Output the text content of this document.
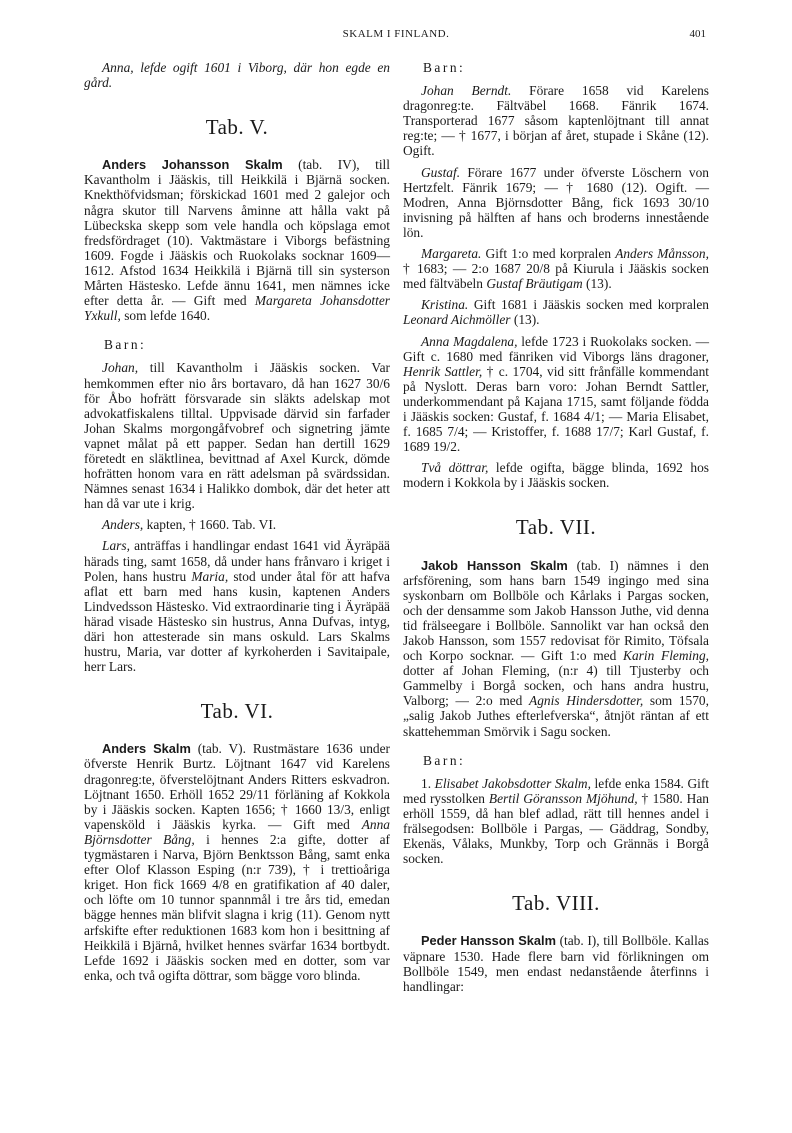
SKALM I FINLAND.	401

Anna, lefde ogift 1601 i Viborg, där hon egde en gård.

Tab. V.

Anders Johansson Skalm (tab. IV), till Kavantholm i Jääskis, till Heikkilä i Bjärnä socken. Knekthöfvidsman; förskickad 1601 med 2 galejor och några skutor till Narvens åminne att hålla vakt på Lübeckska skepp som vele handla och köpslaga emot fredsfördraget (10). Vaktmästare i Viborgs befästning 1609. Fogde i Jääskis och Ruokolaks socknar 1609—1612. Afstod 1634 Heikkilä i Bjärnä till sin systerson Mårten Hästesko. Lefde ännu 1641, men nämnes icke efter detta år. — Gift med Margareta Johansdotter Yxkull, som lefde 1640.

Barn:

Johan, till Kavantholm i Jääskis socken. Var hemkommen efter nio års bortavaro, då han 1627 30/6 för Åbo hofrätt försvarade sin släkts adelskap mot advokatfiskalens tilltal. Uppvisade därvid sin farfader Johan Skalms morgongåfvobref och signetring jämte vapnet målat på ett papper. Sedan han dertill 1629 företedt en släktlinea, bevittnad af Axel Kurck, dömde hofrätten honom vara en rätt adelsman på svärdssidan. Nämnes senast 1634 i Halikko dombok, där det heter att han då var ute i krig.

Anders, kapten, † 1660. Tab. VI.

Lars, anträffas i handlingar endast 1641 vid Äyräpää härads ting, samt 1658, då under hans frånvaro i kriget i Polen, hans hustru Maria, stod under åtal för att hafva aflat ett barn med hans kusin, kaptenen Anders Lindvedsson Hästesko. Vid extraordinarie ting i Äyräpää härad visade Hästesko sin hustrus, Anna Dufvas, intyg, däri hon attesterade sin mans oskuld. Lars Skalms hustru, Maria, var dotter af kyrkoherden i Savitaipale, herr Lars.

Tab. VI.

Anders Skalm (tab. V). Rustmästare 1636 under öfverste Henrik Burtz. Löjtnant 1647 vid Karelens dragonreg:te, öfverstelöjtnant Anders Ritters eskvadron. Löjtnant 1650. Erhöll 1652 29/11 förläning af Kokkola by i Jääskis socken. Kapten 1656; † 1660 13/3, enligt vapensköld i Jääskis kyrka. — Gift med Anna Björnsdotter Bång, i hennes 2:a gifte, dotter af tygmästaren i Narva, Björn Benktsson Bång, samt enka efter Olof Klasson Esping (n:r 739), † i trettioåriga kriget. Hon fick 1669 4/8 en gratifikation af 40 daler, och löfte om 10 tunnor spannmål i tre års tid, emedan bägge hennes män blifvit slagna i krig (11). Genom nytt arfskifte efter reduktionen 1683 kom hon i besittning af Heikkilä i Bjärnå, hvilket hennes svärfar 1634 bortbydt. Lefde 1692 i Jääskis socken med en dotter, som var enka, och två ogifta döttrar, som bägge voro blinda.

Barn:

Johan Berndt. Förare 1658 vid Karelens dragonreg:te. Fältväbel 1668. Fänrik 1674. Transporterad 1677 såsom kaptenlöjtnant till annat reg:te; — † 1677, i början af året, stupade i Skåne (12). Ogift.

Gustaf. Förare 1677 under öfverste Löschern von Hertzfelt. Fänrik 1679; — † 1680 (12). Ogift. — Modren, Anna Björnsdotter Bång, fick 1693 30/10 invisning på hälften af hans och broderns innestående lön.

Margareta. Gift 1:o med korpralen Anders Månsson, † 1683; — 2:o 1687 20/8 på Kiurula i Jääskis socken med fältväbeln Gustaf Bräutigam (13).

Kristina. Gift 1681 i Jääskis socken med korpralen Leonard Aichmöller (13).

Anna Magdalena, lefde 1723 i Ruokolaks socken. — Gift c. 1680 med fänriken vid Viborgs läns dragoner, Henrik Sattler, † c. 1704, vid sitt frånfälle kommendant på Nyslott. Deras barn voro: Johan Berndt Sattler, underkommendant på Kajana 1715, samt följande födda i Jääskis socken: Gustaf, f. 1684 4/1; — Maria Elisabet, f. 1685 7/4; — Kristoffer, f. 1688 17/7; Karl Gustaf, f. 1689 19/2.

Två döttrar, lefde ogifta, bägge blinda, 1692 hos modern i Kokkola by i Jääskis socken.

Tab. VII.

Jakob Hansson Skalm (tab. I) nämnes i den arfsförening, som hans barn 1549 ingingo med sina syskonbarn om Bollböle och Kårlaks i Pargas socken, och der densamme som Jakob Hansson Juthe, vid denna tid frälseegare i Bollböle. Sannolikt var han också den Jakob Hansson, som 1557 redovisat för Rimito, Töfsala och Korpo socknar. — Gift 1:o med Karin Fleming, dotter af Johan Fleming, (n:r 4) till Tjusterby och Gammelby i Borgå socken, och hans andra hustru, Valborg; — 2:o med Agnis Hindersdotter, som 1570, „salig Jakob Juthes efterlefverska“, åtnjöt räntan af ett skattehemman Smörvik i Sagu socken.

Barn:

1. Elisabet Jakobsdotter Skalm, lefde enka 1584. Gift med rysstolken Bertil Göransson Mjöhund, † 1580. Han erhöll 1559, då han blef adlad, rätt till hennes andel i frälsegodsen: Bollböle i Pargas, — Gäddrag, Sondby, Ekenäs, Vålaks, Munkby, Torp och Grännäs i Borgå socken.

Tab. VIII.

Peder Hansson Skalm (tab. I), till Bollböle. Kallas väpnare 1530. Hade flere barn vid förlikningen om Bollböle 1549, men endast nedanstående återfinns i handlingar:
